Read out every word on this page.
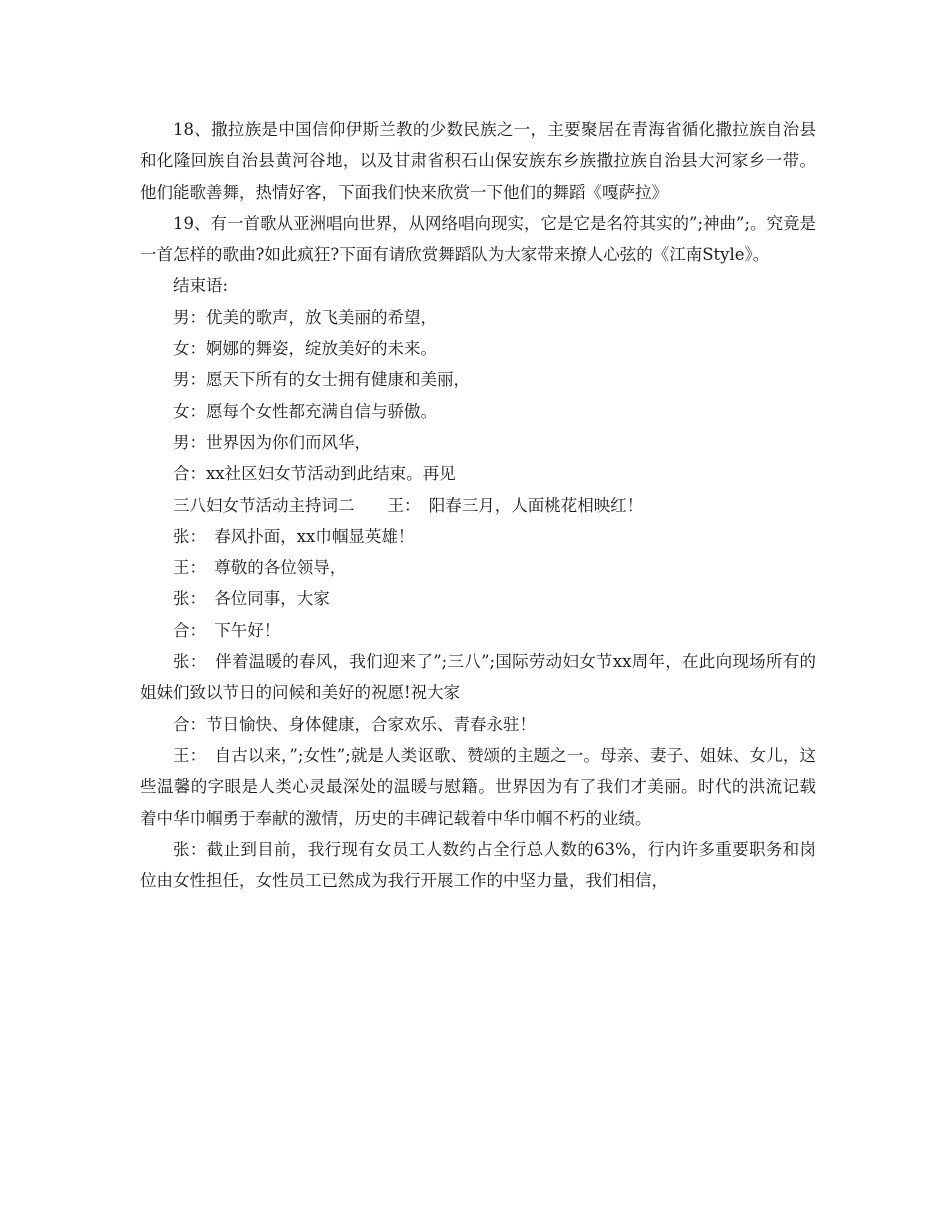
18、撒拉族是中国信仰伊斯兰教的少数民族之一，主要聚居在青海省循化撒拉族自治县和化隆回族自治县黄河谷地，以及甘肃省积石山保安族东乡族撒拉族自治县大河家乡一带。他们能歌善舞，热情好客，下面我们快来欣赏一下他们的舞蹈《嘎萨拉》

19、有一首歌从亚洲唱向世界，从网络唱向现实，它是它是名符其实的”;神曲”;。究竟是一首怎样的歌曲?如此疯狂?下面有请欣赏舞蹈队为大家带来撩人心弦的《江南Style》。

结束语:

男：优美的歌声，放飞美丽的希望，

女：婀娜的舞姿，绽放美好的未来。

男：愿天下所有的女士拥有健康和美丽，

女：愿每个女性都充满自信与骄傲。

男：世界因为你们而风华，

合：xx社区妇女节活动到此结束。再见

三八妇女节活动主持词二　　王：　阳春三月，人面桃花相映红！

张：　春风扑面，xx巾帼显英雄！

王：　尊敬的各位领导，

张：　各位同事，大家

合：　下午好！

张：　伴着温暖的春风，我们迎来了”;三八”;国际劳动妇女节xx周年，在此向现场所有的姐妹们致以节日的问候和美好的祝愿!祝大家

合：节日愉快、身体健康，合家欢乐、青春永驻！

王：　自古以来，”;女性”;就是人类讴歌、赞颂的主题之一。母亲、妻子、姐妹、女儿，这些温馨的字眼是人类心灵最深处的温暖与慰籍。世界因为有了我们才美丽。时代的洪流记载着中华巾帼勇于奉献的激情，历史的丰碑记载着中华巾帼不朽的业绩。

张：截止到目前，我行现有女员工人数约占全行总人数的63%，行内许多重要职务和岗位由女性担任，女性员工已然成为我行开展工作的中坚力量，我们相信，
